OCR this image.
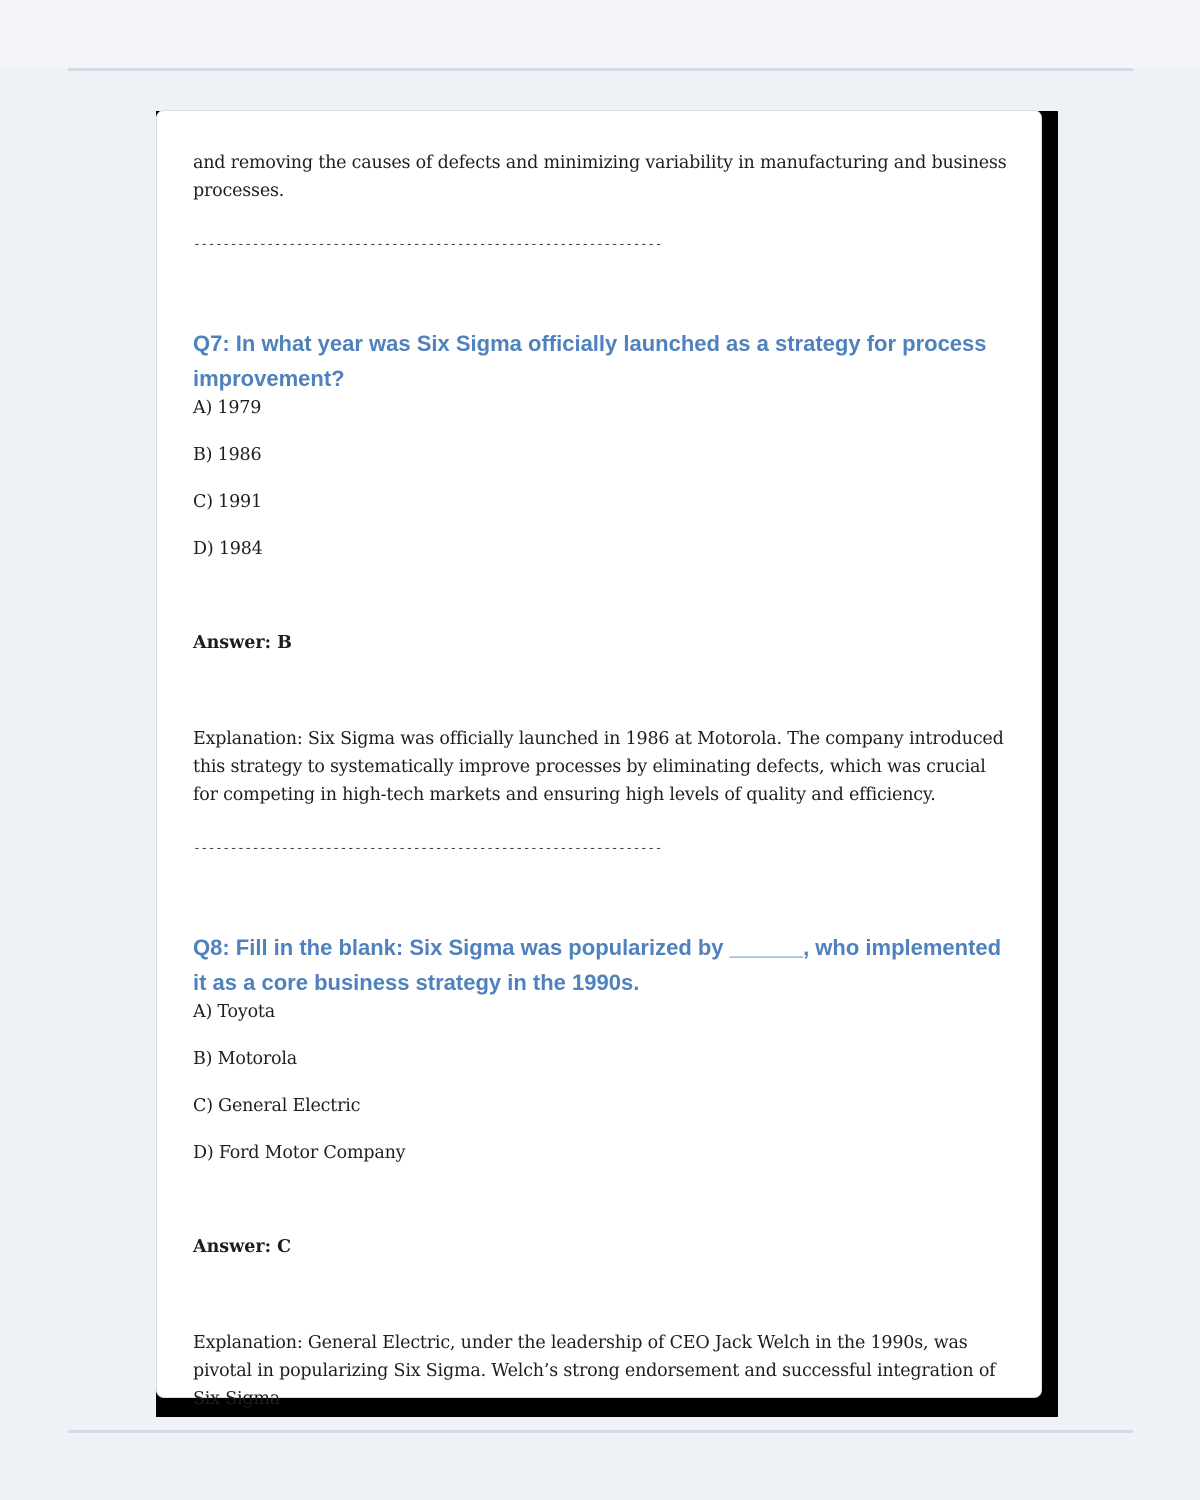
and removing the causes of defects and minimizing variability in manufacturing and business processes.

----------------------------------------------------------------

Q7: In what year was Six Sigma officially launched as a strategy for process improvement?

A) 1979

B) 1986

C) 1991

D) 1984

Answer: B

Explanation: Six Sigma was officially launched in 1986 at Motorola. The company introduced this strategy to systematically improve processes by eliminating defects, which was crucial for competing in high-tech markets and ensuring high levels of quality and efficiency.

----------------------------------------------------------------

Q8: Fill in the blank: Six Sigma was popularized by ______, who implemented it as a core business strategy in the 1990s.

A) Toyota

B) Motorola

C) General Electric

D) Ford Motor Company

Answer: C

Explanation: General Electric, under the leadership of CEO Jack Welch in the 1990s, was pivotal in popularizing Six Sigma. Welch’s strong endorsement and successful integration of Six Sigma
